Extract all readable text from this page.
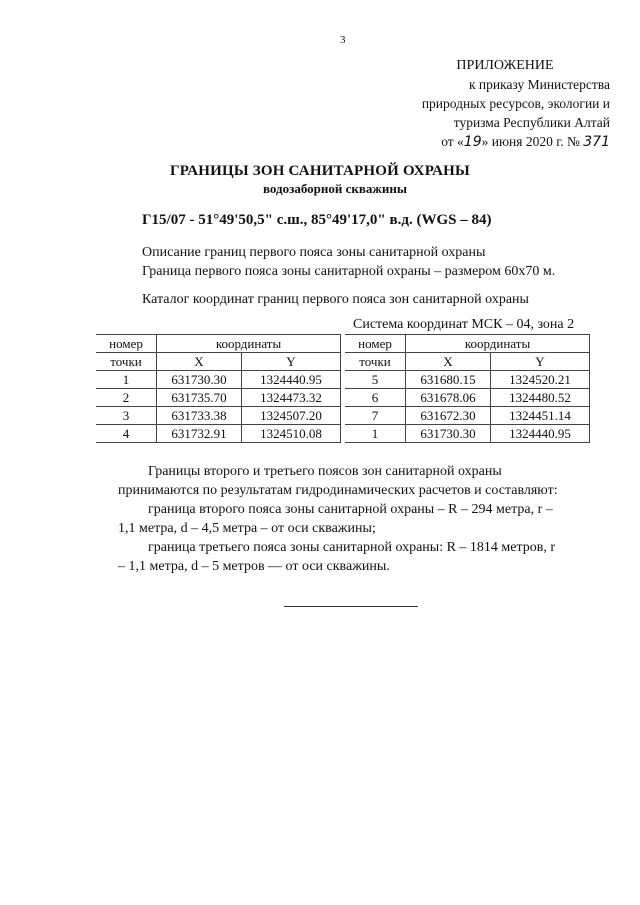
3
ПРИЛОЖЕНИЕ
к приказу Министерства
природных ресурсов, экологии и
туризма Республики Алтай
от «19» июня 2020 г. № 371
ГРАНИЦЫ ЗОН САНИТАРНОЙ ОХРАНЫ
водозаборной скважины
Г15/07 - 51°49'50,5" с.ш., 85°49'17,0" в.д. (WGS – 84)
Описание границ первого пояса зоны санитарной охраны
Граница первого пояса зоны санитарной охраны – размером 60х70 м.
Каталог координат границ первого пояса зон санитарной охраны
Система координат МСК – 04, зона 2
номер	координаты	
точки	X	Y
1	631730.30	1324440.95
2	631735.70	1324473.32
3	631733.38	1324507.20
4	631732.91	1324510.08
номер	координаты	
точки	X	Y
5	631680.15	1324520.21
6	631678.06	1324480.52
7	631672.30	1324451.14
1	631730.30	1324440.95
Границы второго и третьего поясов зон санитарной охраны
принимаются по результатам гидродинамических расчетов и составляют:
граница второго пояса зоны санитарной охраны – R – 294 метра, r –
1,1 метра, d – 4,5 метра – от оси скважины;
граница третьего пояса зоны санитарной охраны: R – 1814 метров, r
– 1,1 метра, d – 5 метров — от оси скважины.
